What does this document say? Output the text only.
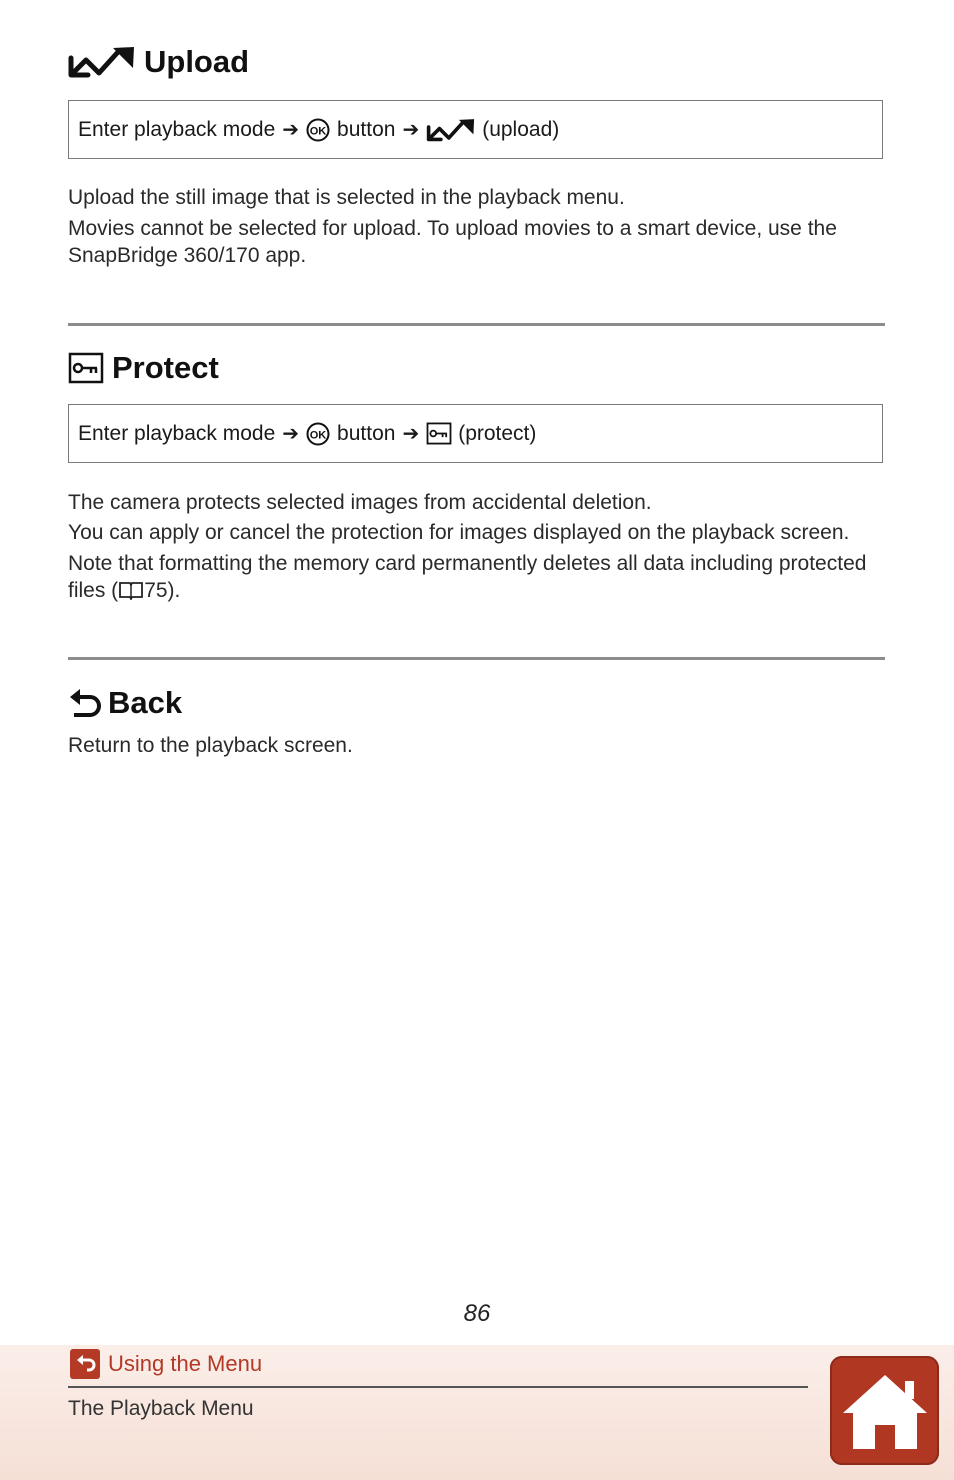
Upload
Enter playback mode ➔ OK button ➔	(upload)

Upload the still image that is selected in the playback menu.

Movies cannot be selected for upload. To upload movies to a smart device, use the SnapBridge 360/170 app.

Protect
Enter playback mode ➔ OK button ➔ (protect)

The camera protects selected images from accidental deletion.

You can apply or cancel the protection for images displayed on the playback screen.

Note that formatting the memory card permanently deletes all data including protected files ( 75).

Back

Return to the playback screen.

86
Using the Menu
The Playback Menu
